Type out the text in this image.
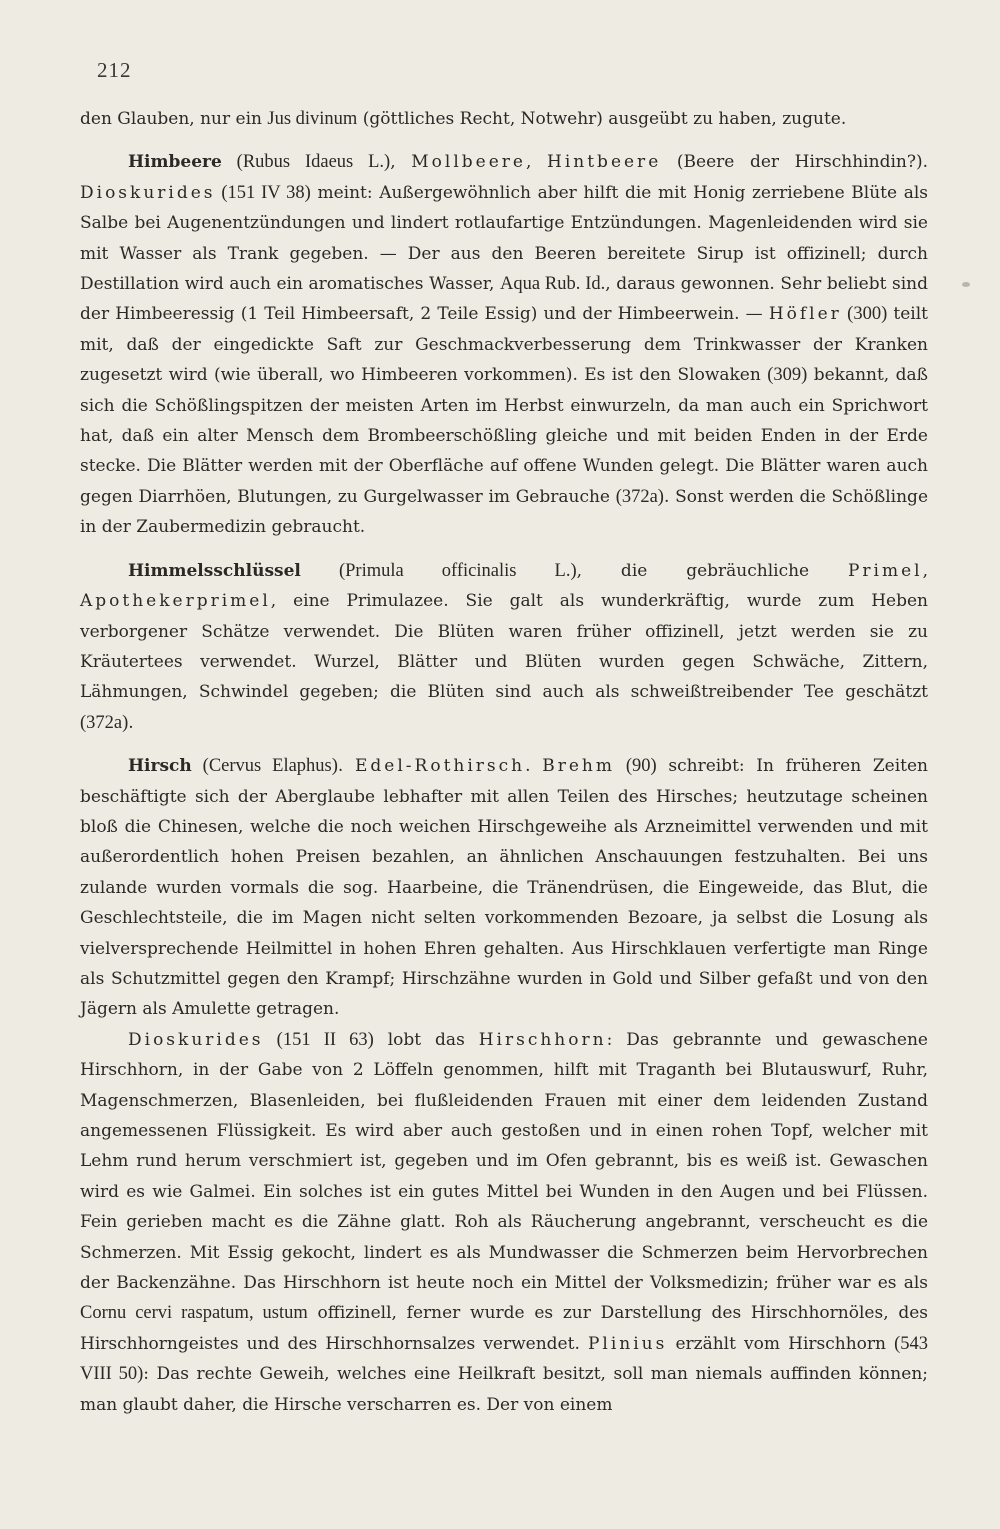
212

den Glauben, nur ein Jus divinum (göttliches Recht, Notwehr) ausgeübt zu haben, zugute.

Himbeere (Rubus Idaeus L.), Mollbeere, Hintbeere (Beere der Hirschhindin?). Dioskurides (151 IV 38) meint: Außergewöhnlich aber hilft die mit Honig zerriebene Blüte als Salbe bei Augenentzündungen und lindert rotlaufartige Entzündungen. Magenleidenden wird sie mit Wasser als Trank gegeben. — Der aus den Beeren bereitete Sirup ist offizinell; durch Destillation wird auch ein aromatisches Wasser, Aqua Rub. Id., daraus gewonnen. Sehr beliebt sind der Himbeeressig (1 Teil Himbeersaft, 2 Teile Essig) und der Himbeerwein. — Höfler (300) teilt mit, daß der eingedickte Saft zur Geschmackverbesserung dem Trinkwasser der Kranken zugesetzt wird (wie überall, wo Himbeeren vorkommen). Es ist den Slowaken (309) bekannt, daß sich die Schößlingspitzen der meisten Arten im Herbst einwurzeln, da man auch ein Sprichwort hat, daß ein alter Mensch dem Brombeerschößling gleiche und mit beiden Enden in der Erde stecke. Die Blätter werden mit der Oberfläche auf offene Wunden gelegt. Die Blätter waren auch gegen Diarrhöen, Blutungen, zu Gurgelwasser im Gebrauche (372a). Sonst werden die Schößlinge in der Zaubermedizin gebraucht.

Himmelsschlüssel (Primula officinalis L.), die gebräuchliche Primel, Apothekerprimel, eine Primulazee. Sie galt als wunderkräftig, wurde zum Heben verborgener Schätze verwendet. Die Blüten waren früher offizinell, jetzt werden sie zu Kräutertees verwendet. Wurzel, Blätter und Blüten wurden gegen Schwäche, Zittern, Lähmungen, Schwindel gegeben; die Blüten sind auch als schweißtreibender Tee geschätzt (372a).

Hirsch (Cervus Elaphus). Edel-Rothirsch. Brehm (90) schreibt: In früheren Zeiten beschäftigte sich der Aberglaube lebhafter mit allen Teilen des Hirsches; heutzutage scheinen bloß die Chinesen, welche die noch weichen Hirschgeweihe als Arzneimittel verwenden und mit außerordentlich hohen Preisen bezahlen, an ähnlichen Anschauungen festzuhalten. Bei uns zulande wurden vormals die sog. Haarbeine, die Tränendrüsen, die Eingeweide, das Blut, die Geschlechtsteile, die im Magen nicht selten vorkommenden Bezoare, ja selbst die Losung als vielversprechende Heilmittel in hohen Ehren gehalten. Aus Hirschklauen verfertigte man Ringe als Schutzmittel gegen den Krampf; Hirschzähne wurden in Gold und Silber gefaßt und von den Jägern als Amulette getragen.

Dioskurides (151 II 63) lobt das Hirschhorn: Das gebrannte und gewaschene Hirschhorn, in der Gabe von 2 Löffeln genommen, hilft mit Traganth bei Blutauswurf, Ruhr, Magenschmerzen, Blasenleiden, bei flußleidenden Frauen mit einer dem leidenden Zustand angemessenen Flüssigkeit. Es wird aber auch gestoßen und in einen rohen Topf, welcher mit Lehm rund herum verschmiert ist, gegeben und im Ofen gebrannt, bis es weiß ist. Gewaschen wird es wie Galmei. Ein solches ist ein gutes Mittel bei Wunden in den Augen und bei Flüssen. Fein gerieben macht es die Zähne glatt. Roh als Räucherung angebrannt, verscheucht es die Schmerzen. Mit Essig gekocht, lindert es als Mundwasser die Schmerzen beim Hervorbrechen der Backenzähne. Das Hirschhorn ist heute noch ein Mittel der Volksmedizin; früher war es als Cornu cervi raspatum, ustum offizinell, ferner wurde es zur Darstellung des Hirschhornöles, des Hirschhorngeistes und des Hirschhornsalzes verwendet. Plinius erzählt vom Hirschhorn (543 VIII 50): Das rechte Geweih, welches eine Heilkraft besitzt, soll man niemals auffinden können; man glaubt daher, die Hirsche verscharren es. Der von einem
